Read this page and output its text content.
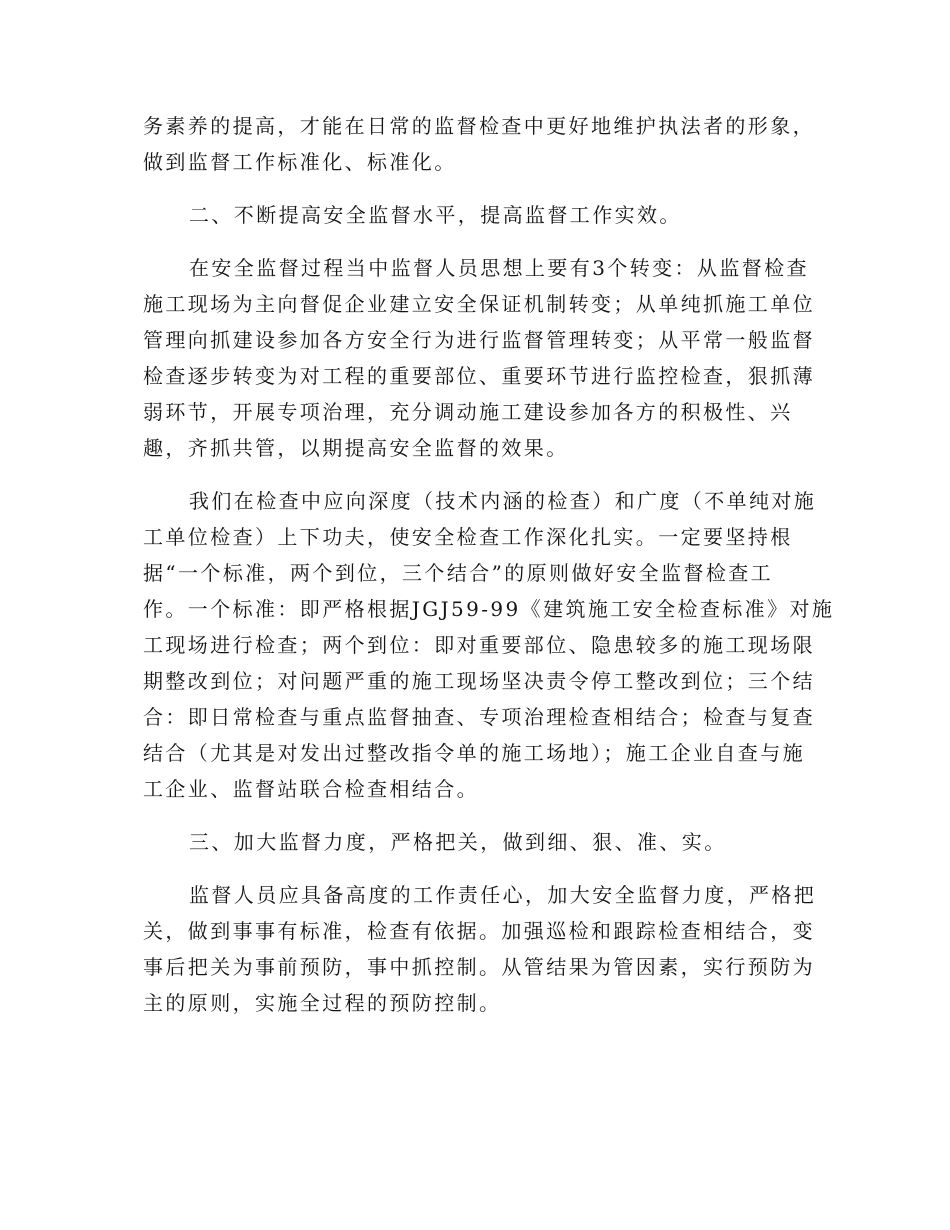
务素养的提高，才能在日常的监督检查中更好地维护执法者的形象，
做到监督工作标准化、标准化。
二、不断提高安全监督水平，提高监督工作实效。
在安全监督过程当中监督人员思想上要有3个转变：从监督检查
施工现场为主向督促企业建立安全保证机制转变；从单纯抓施工单位
管理向抓建设参加各方安全行为进行监督管理转变；从平常一般监督
检查逐步转变为对工程的重要部位、重要环节进行监控检查，狠抓薄
弱环节，开展专项治理，充分调动施工建设参加各方的积极性、兴
趣，齐抓共管，以期提高安全监督的效果。
我们在检查中应向深度（技术内涵的检查）和广度（不单纯对施
工单位检查）上下功夫，使安全检查工作深化扎实。一定要坚持根
据“一个标准，两个到位，三个结合”的原则做好安全监督检查工
作。一个标准：即严格根据JGJ59-99《建筑施工安全检查标准》对施
工现场进行检查；两个到位：即对重要部位、隐患较多的施工现场限
期整改到位；对问题严重的施工现场坚决责令停工整改到位；三个结
合：即日常检查与重点监督抽查、专项治理检查相结合；检查与复查
结合（尤其是对发出过整改指令单的施工场地）；施工企业自查与施
工企业、监督站联合检查相结合。
三、加大监督力度，严格把关，做到细、狠、准、实。
监督人员应具备高度的工作责任心，加大安全监督力度，严格把
关，做到事事有标准，检查有依据。加强巡检和跟踪检查相结合，变
事后把关为事前预防，事中抓控制。从管结果为管因素，实行预防为
主的原则，实施全过程的预防控制。
